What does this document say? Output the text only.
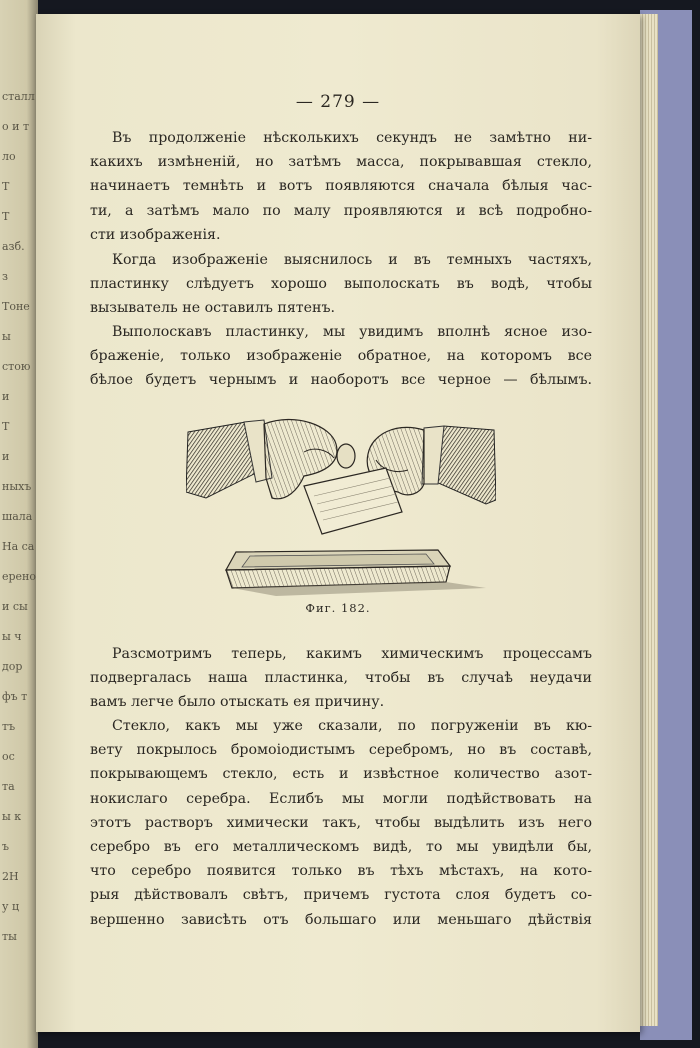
сталл
о и т
ло
Т
Т
азб.
з
Тоне
ы
стою
и
Т
и
ныхъ
шала
Ha ca
ерено
и сы
ы ч
дор
фъ т
тъ
ос
та
ы к
ъ
2Н
у ц
ты
— 279 —
Въ продолженіе нѣсколькихъ секундъ не замѣтно ни-
какихъ измѣненій, но затѣмъ масса, покрывавшая стекло,
начинаетъ темнѣть и вотъ появляются сначала бѣлыя час-
ти, а затѣмъ мало по малу проявляются и всѣ подробно-
сти изображенія.
Когда изображеніе выяснилось и въ темныхъ частяхъ,
пластинку слѣдуетъ хорошо выполоскать въ водѣ, чтобы
вызыватель не оставилъ пятенъ.
Выполоскавъ пластинку, мы увидимъ вполнѣ ясное изо-
браженіе, только изображеніе обратное, на которомъ все
бѣлое будетъ чернымъ и наоборотъ все черное — бѣлымъ.
Фиг. 182.
Разсмотримъ теперь, какимъ химическимъ процессамъ
подвергалась наша пластинка, чтобы въ случаѣ неудачи
вамъ легче было отыскать ея причину.
Стекло, какъ мы уже сказали, по погруженіи въ кю-
вету покрылось бромоіодистымъ серебромъ, но въ составѣ,
покрывающемъ стекло, есть и извѣстное количество азот-
нокислаго серебра. Еслибъ мы могли подѣйствовать на
этотъ растворъ химически такъ, чтобы выдѣлить изъ него
серебро въ его металлическомъ видѣ, то мы увидѣли бы,
что серебро появится только въ тѣхъ мѣстахъ, на кото-
рыя дѣйствовалъ свѣтъ, причемъ густота слоя будетъ со-
вершенно зависѣть отъ большаго или меньшаго дѣйствія
